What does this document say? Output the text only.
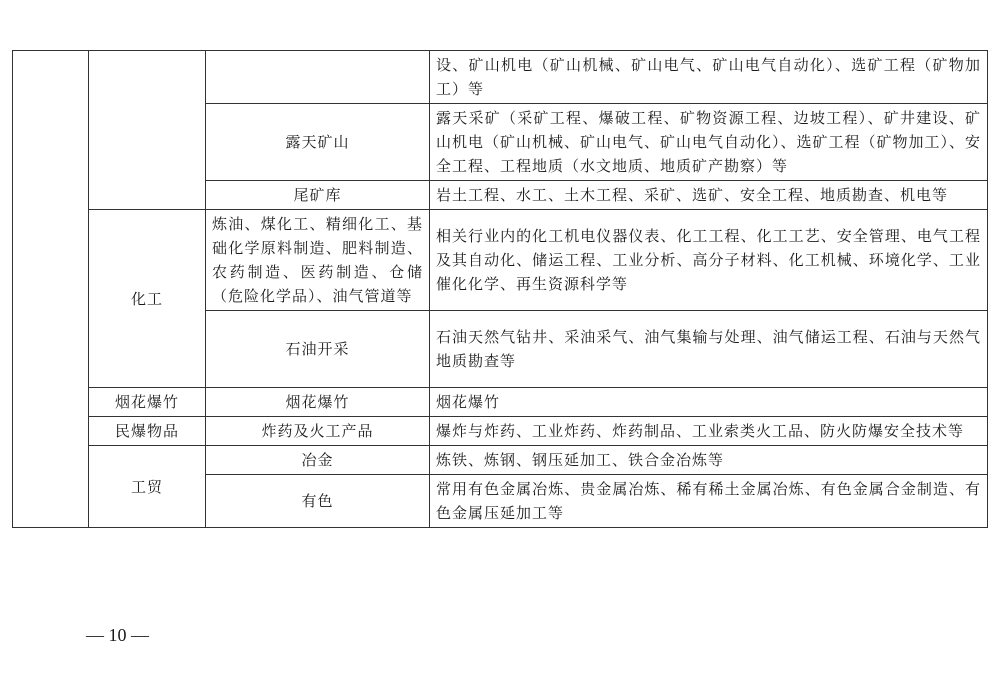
			设、矿山机电（矿山机械、矿山电气、矿山电气自动化）、选矿工程（矿物加工）等
		露天矿山	露天采矿（采矿工程、爆破工程、矿物资源工程、边坡工程）、矿井建设、矿山机电（矿山机械、矿山电气、矿山电气自动化）、选矿工程（矿物加工）、安全工程、工程地质（水文地质、地质矿产勘察）等
		尾矿库	岩土工程、水工、土木工程、采矿、选矿、安全工程、地质勘查、机电等
	化工	炼油、煤化工、精细化工、基础化学原料制造、肥料制造、农药制造、医药制造、仓储（危险化学品）、油气管道等	相关行业内的化工机电仪器仪表、化工工程、化工工艺、安全管理、电气工程及其自动化、储运工程、工业分析、高分子材料、化工机械、环境化学、工业催化化学、再生资源科学等
		石油开采	石油天然气钻井、采油采气、油气集输与处理、油气储运工程、石油与天然气地质勘查等
	烟花爆竹	烟花爆竹	烟花爆竹
	民爆物品	炸药及火工产品	爆炸与炸药、工业炸药、炸药制品、工业索类火工品、防火防爆安全技术等
	工贸	冶金	炼铁、炼钢、钢压延加工、铁合金冶炼等
		有色	常用有色金属冶炼、贵金属冶炼、稀有稀土金属冶炼、有色金属合金制造、有色金属压延加工等
— 10 —
